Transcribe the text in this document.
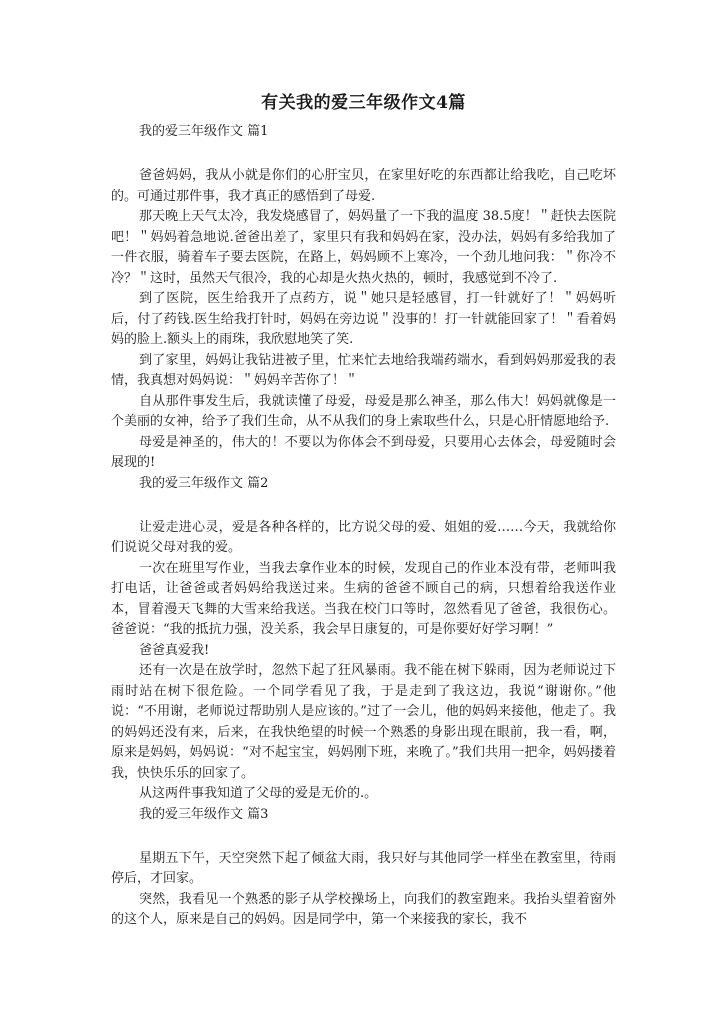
有关我的爱三年级作文4篇

我的爱三年级作文 篇1

爸爸妈妈，我从小就是你们的心肝宝贝，在家里好吃的东西都让给我吃，自己吃坏的。可通过那件事，我才真正的感悟到了母爱.

那天晚上天气太冷，我发烧感冒了，妈妈量了一下我的温度 38.5度！＂赶快去医院吧！＂妈妈着急地说.爸爸出差了，家里只有我和妈妈在家，没办法，妈妈有多给我加了一件衣服，骑着车子要去医院，在路上，妈妈顾不上寒冷，一个劲儿地问我：＂你冷不冷？＂这时，虽然天气很冷，我的心却是火热火热的，顿时，我感觉到不冷了.

到了医院，医生给我开了点药方，说＂她只是轻感冒，打一针就好了！＂妈妈听后，付了药钱.医生给我打针时，妈妈在旁边说＂没事的！打一针就能回家了！＂看着妈妈的脸上.额头上的雨珠，我欣慰地笑了笑.

到了家里，妈妈让我钻进被子里，忙来忙去地给我端药端水，看到妈妈那爱我的表情，我真想对妈妈说：＂妈妈辛苦你了！＂

自从那件事发生后，我就读懂了母爱，母爱是那么神圣，那么伟大！妈妈就像是一个美丽的女神，给予了我们生命，从不从我们的身上索取些什么，只是心肝情愿地给予.

母爱是神圣的，伟大的！不要以为你体会不到母爱，只要用心去体会，母爱随时会展现的!

我的爱三年级作文 篇2

让爱走进心灵，爱是各种各样的，比方说父母的爱、姐姐的爱……今天，我就给你们说说父母对我的爱。

一次在班里写作业，当我去拿作业本的时候，发现自己的作业本没有带，老师叫我打电话，让爸爸或者妈妈给我送过来。生病的爸爸不顾自己的病，只想着给我送作业本，冒着漫天飞舞的大雪来给我送。当我在校门口等时，忽然看见了爸爸，我很伤心。爸爸说：“我的抵抗力强，没关系，我会早日康复的，可是你要好好学习啊！”

爸爸真爱我!

还有一次是在放学时，忽然下起了狂风暴雨。我不能在树下躲雨，因为老师说过下雨时站在树下很危险。一个同学看见了我，于是走到了我这边，我说“谢谢你。”他说：“不用谢，老师说过帮助别人是应该的。”过了一会儿，他的妈妈来接他，他走了。我的妈妈还没有来，后来，在我快绝望的时候一个熟悉的身影出现在眼前，我一看，啊，原来是妈妈，妈妈说：“对不起宝宝，妈妈刚下班，来晚了。”我们共用一把伞，妈妈搂着我，快快乐乐的回家了。

从这两件事我知道了父母的爱是无价的.。

我的爱三年级作文 篇3

星期五下午，天空突然下起了倾盆大雨，我只好与其他同学一样坐在教室里，待雨停后，才回家。

突然，我看见一个熟悉的影子从学校操场上，向我们的教室跑来。我抬头望着窗外的这个人，原来是自己的妈妈。因是同学中，第一个来接我的家长，我不
